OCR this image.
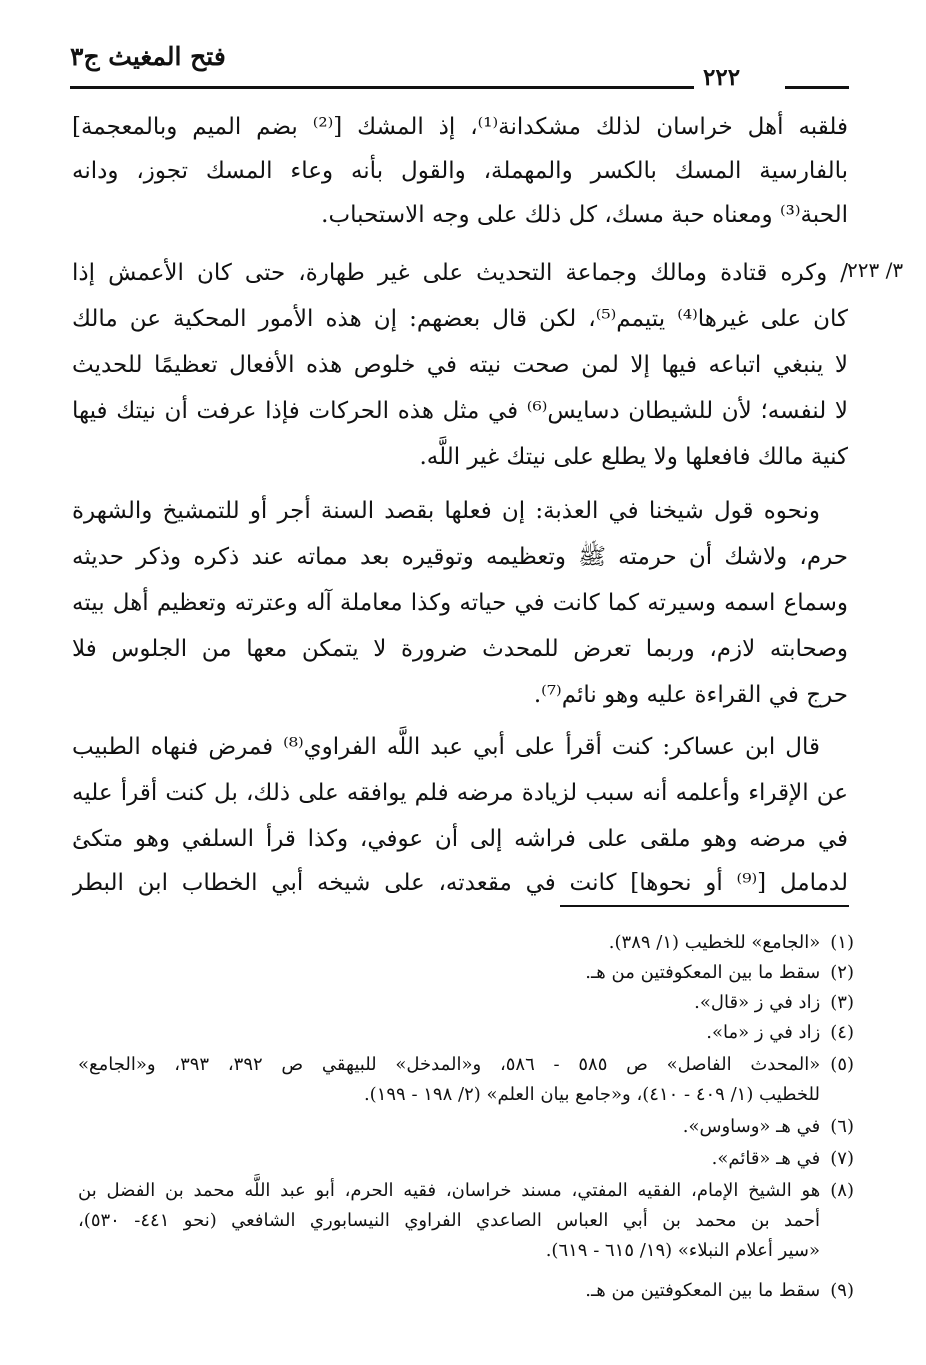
فتح المغيث ج٣
٢٢٢
٣/ ٢٢٣
فلقبه أهل خراسان لذلك مشكدانة⁽¹⁾، إذ المشك [⁽²⁾ بضم الميم وبالمعجمة]
بالفارسية المسك بالكسر والمهملة، والقول بأنه وعاء المسك تجوز، ودانه
الحبة⁽³⁾ ومعناه حبة مسك، كل ذلك على وجه الاستحباب.
/ وكره قتادة ومالك وجماعة التحديث على غير طهارة، حتى كان الأعمش إذا
كان على غيرها⁽⁴⁾ يتيمم⁽⁵⁾، لكن قال بعضهم: إن هذه الأمور المحكية عن مالك
لا ينبغي اتباعه فيها إلا لمن صحت نيته في خلوص هذه الأفعال تعظيمًا للحديث
لا لنفسه؛ لأن للشيطان دسايس⁽⁶⁾ في مثل هذه الحركات فإذا عرفت أن نيتك فيها
كنية مالك فافعلها ولا يطلع على نيتك غير اللَّه.
ونحوه قول شيخنا في العذبة: إن فعلها بقصد السنة أجر أو للتمشيخ والشهرة
حرم، ولاشك أن حرمته ﷺ وتعظيمه وتوقيره بعد مماته عند ذكره وذكر حديثه
وسماع اسمه وسيرته كما كانت في حياته وكذا معاملة آله وعترته وتعظيم أهل بيته
وصحابته لازم، وربما تعرض للمحدث ضرورة لا يتمكن معها من الجلوس فلا
حرج في القراءة عليه وهو نائم⁽⁷⁾.
قال ابن عساكر: كنت أقرأ على أبي عبد اللَّه الفراوي⁽⁸⁾ فمرض فنهاه الطبيب
عن الإقراء وأعلمه أنه سبب لزيادة مرضه فلم يوافقه على ذلك، بل كنت أقرأ عليه
في مرضه وهو ملقى على فراشه إلى أن عوفي، وكذا قرأ السلفي وهو متكئ
لدمامل [⁽⁹⁾ أو نحوها] كانت في مقعدته، على شيخه أبي الخطاب ابن البطر
(١)«الجامع» للخطيب (١/ ٣٨٩).
(٢)سقط ما بين المعكوفتين من هـ.
(٣)زاد في ز «قال».
(٤)زاد في ز «ما».
(٥)«المحدث الفاصل» ص ٥٨٥ - ٥٨٦، و«المدخل» للبيهقي ص ٣٩٢، ٣٩٣، و«الجامع»
للخطيب (١/ ٤٠٩ - ٤١٠)، و«جامع بيان العلم» (٢/ ١٩٨ - ١٩٩).
(٦)في هـ «وساوس».
(٧)في هـ «قائم».
(٨)هو الشيخ الإمام، الفقيه المفتي، مسند خراسان، فقيه الحرم، أبو عبد اللَّه محمد بن الفضل بن
أحمد بن محمد بن أبي العباس الصاعدي الفراوي النيسابوري الشافعي (نحو ٤٤١- ٥٣٠)،
«سير أعلام النبلاء» (١٩/ ٦١٥ - ٦١٩).
(٩)سقط ما بين المعكوفتين من هـ.
